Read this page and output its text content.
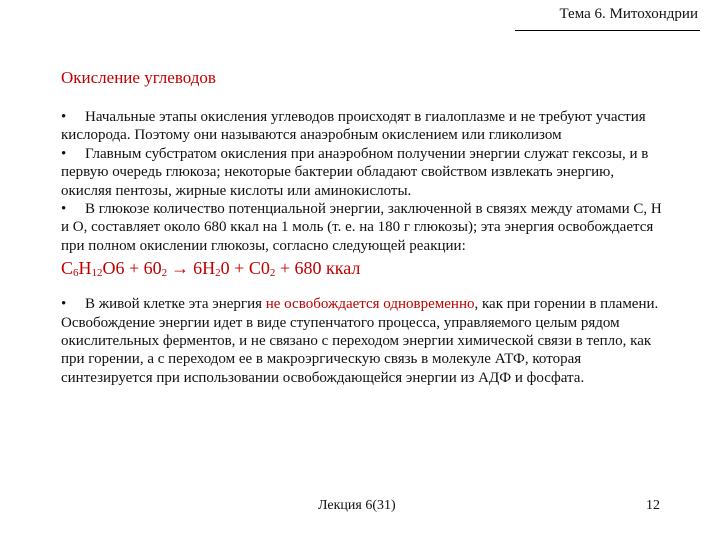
Тема 6. Митохондрии
Окисление углеводов

• Начальные этапы окисления углеводов происходят в гиалоплазме и не требуют участия кислорода. Поэтому они называются анаэробным окислением или гликолизом

• Главным субстратом окисления при анаэробном получении энергии служат гексозы, и в первую очередь глюкоза; некоторые бактерии обладают свойством извлекать энергию, окисляя пентозы, жирные кислоты или аминокислоты.

• В глюкозе количество потенциальной энергии, заключенной в связях между атомами С, Н и О, составляет около 680 ккал на 1 моль (т. е. на 180 г глюкозы); эта энергия освобождается при полном окислении глюкозы, согласно следующей реакции:

$С_6Н_{12}О6 + 60_2 \to 6Н_20 + С0_2 + 680$ ккал

• В живой клетке эта энергия не освобождается одновременно, как при горении в пламени. Освобождение энергии идет в виде ступенчатого процесса, управляемого целым рядом окислительных ферментов, и не связано с переходом энергии химической связи в тепло, как при горении, а с переходом ее в макроэргическую связь в молекуле АТФ, которая синтезируется при использовании освобождающейся энергии из АДФ и фосфата.

Лекция 6(31)	12
